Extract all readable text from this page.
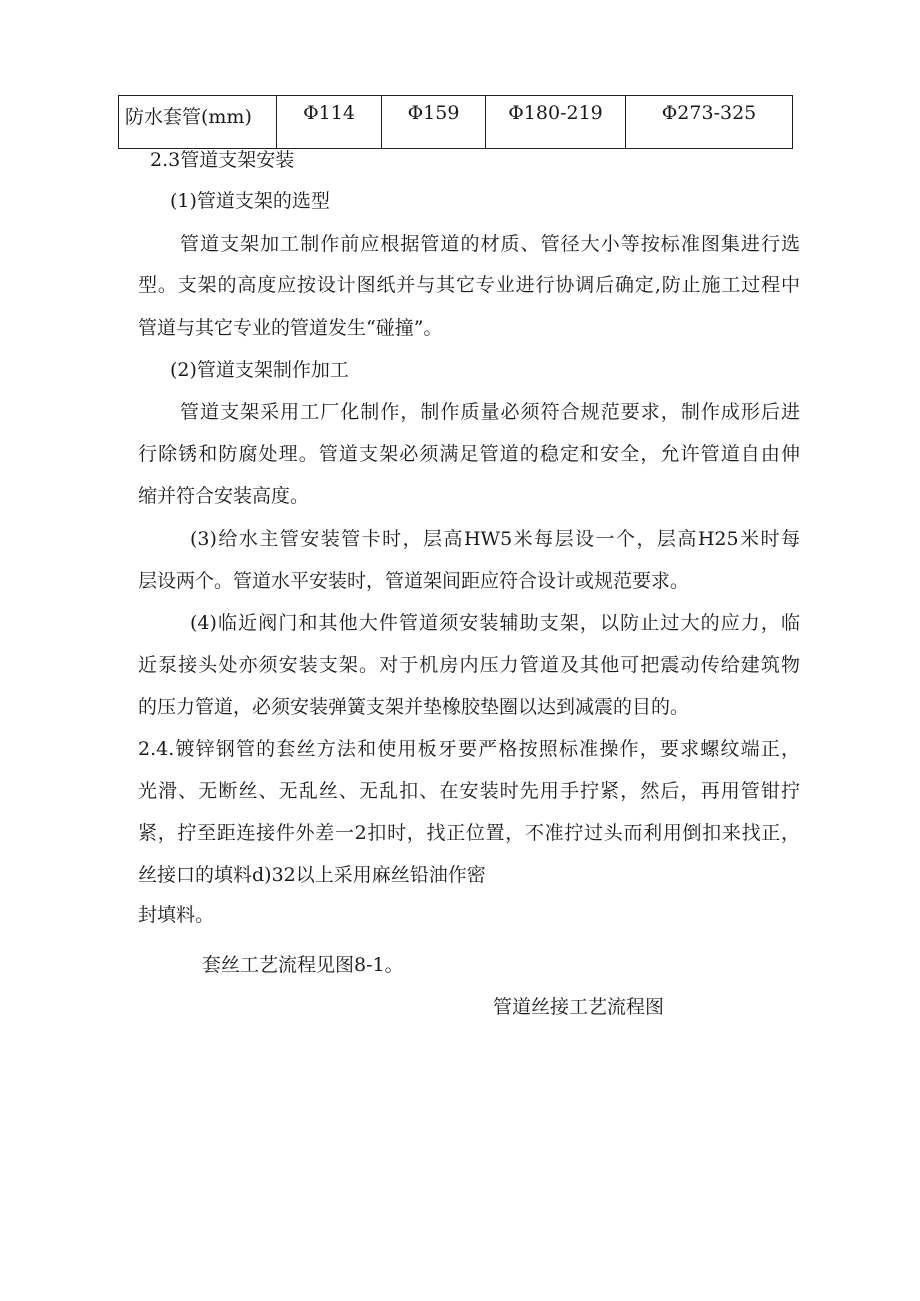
防水套管(mm)	Φ114	Φ159	Φ180-219	Φ273-325
2.3管道支架安装
(1)管道支架的选型
管道支架加工制作前应根据管道的材质、管径大小等按标准图集进行选
型。支架的高度应按设计图纸并与其它专业进行协调后确定,防止施工过程中
管道与其它专业的管道发生“碰撞”。
(2)管道支架制作加工
管道支架采用工厂化制作，制作质量必须符合规范要求，制作成形后进
行除锈和防腐处理。管道支架必须满足管道的稳定和安全，允许管道自由伸
缩并符合安装高度。
(3)给水主管安装管卡时，层高HW5米每层设一个，层高H25米时每
层设两个。管道水平安装时，管道架间距应符合设计或规范要求。
(4)临近阀门和其他大件管道须安装辅助支架，以防止过大的应力，临
近泵接头处亦须安装支架。对于机房内压力管道及其他可把震动传给建筑物
的压力管道，必须安装弹簧支架并垫橡胶垫圈以达到减震的目的。
2.4.镀锌钢管的套丝方法和使用板牙要严格按照标准操作，要求螺纹端正，
光滑、无断丝、无乱丝、无乱扣、在安装时先用手拧紧，然后，再用管钳拧
紧，拧至距连接件外差一2扣时，找正位置，不准拧过头而利用倒扣来找正，
丝接口的填料d)32以上采用麻丝铅油作密
封填料。
套丝工艺流程见图8-1。
管道丝接工艺流程图
